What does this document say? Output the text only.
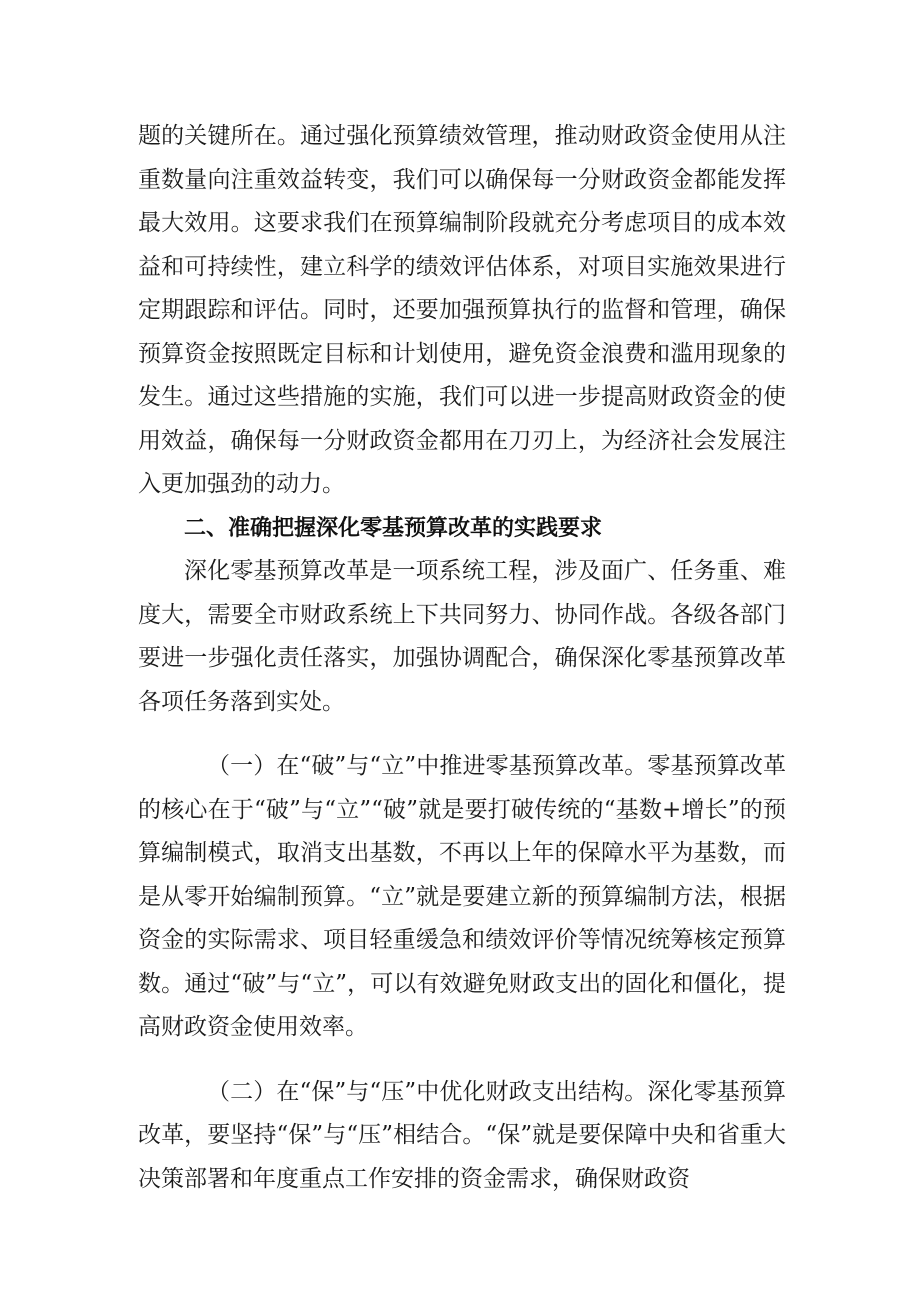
题的关键所在。通过强化预算绩效管理，推动财政资金使用从注重数量向注重效益转变，我们可以确保每一分财政资金都能发挥最大效用。这要求我们在预算编制阶段就充分考虑项目的成本效益和可持续性，建立科学的绩效评估体系，对项目实施效果进行定期跟踪和评估。同时，还要加强预算执行的监督和管理，确保预算资金按照既定目标和计划使用，避免资金浪费和滥用现象的发生。通过这些措施的实施，我们可以进一步提高财政资金的使用效益，确保每一分财政资金都用在刀刃上，为经济社会发展注入更加强劲的动力。

二、准确把握深化零基预算改革的实践要求

深化零基预算改革是一项系统工程，涉及面广、任务重、难度大，需要全市财政系统上下共同努力、协同作战。各级各部门要进一步强化责任落实，加强协调配合，确保深化零基预算改革各项任务落到实处。

（一）在“破”与“立”中推进零基预算改革。零基预算改革的核心在于“破”与“立”“破”就是要打破传统的“基数+增长”的预算编制模式，取消支出基数，不再以上年的保障水平为基数，而是从零开始编制预算。“立”就是要建立新的预算编制方法，根据资金的实际需求、项目轻重缓急和绩效评价等情况统筹核定预算数。通过“破”与“立”，可以有效避免财政支出的固化和僵化，提高财政资金使用效率。

（二）在“保”与“压”中优化财政支出结构。深化零基预算改革，要坚持“保”与“压”相结合。“保”就是要保障中央和省重大决策部署和年度重点工作安排的资金需求，确保财政资
